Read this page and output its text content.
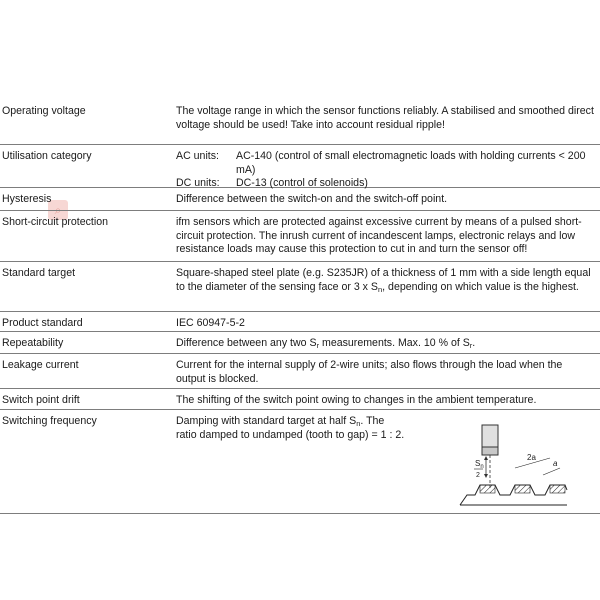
Operating voltage	The voltage range in which the sensor functions reliably. A stabilised and smoothed direct voltage should be used! Take into account residual ripple!

Utilisation category
⌕
AC units:	AC-140 (control of small electromagnetic loads with holding currents < 200 mA)
DC units:	DC-13 (control of solenoids)
Hysteresis	Difference between the switch-on and the switch-off point.

Short-circuit protection	ifm sensors which are protected against excessive current by means of a pulsed short-circuit protection. The inrush current of incandescent lamps, electronic relays and low resistance loads may cause this protection to cut in and turn the sensor off!

Standard target	Square-shaped steel plate (e.g. S235JR) of a thickness of 1 mm with a side length equal to the diameter of the sensing face or 3 x $S_n$, depending on which value is the highest.

Product standard	IEC 60947-5-2

Repeatability	Difference between any two $S_r$ measurements. Max. 10 % of $S_r$.

Leakage current	Current for the internal supply of 2-wire units; also flows through the load when the output is blocked.

Switch point drift	The shifting of the switch point owing to changes in the ambient temperature.

Switching frequency	Damping with standard target at half $S_n$. The

ratio damped to undamped (tooth to gap) = 1 : 2.

$S_n$
2
2a
a
